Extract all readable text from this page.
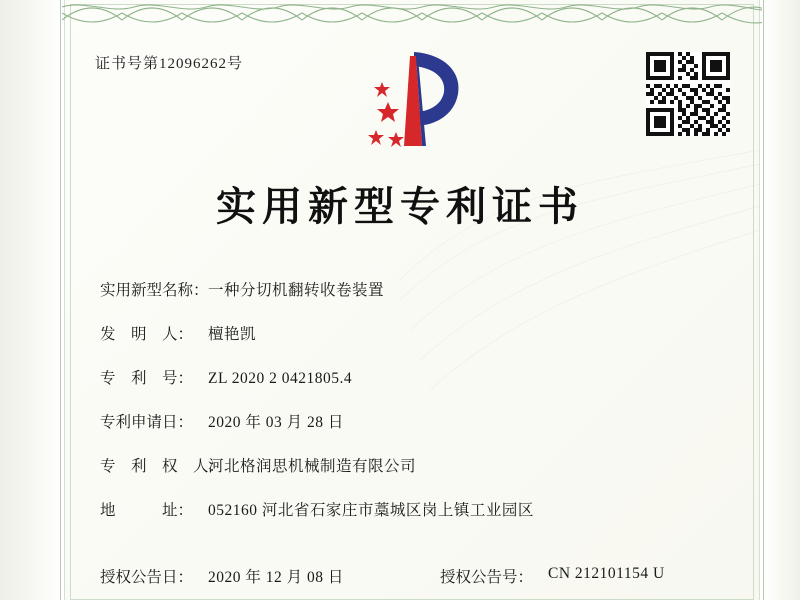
证书号第12096262号
实用新型专利证书
实用新型名称： 一种分切机翻转收卷装置
发　明　人： 檀艳凯
专　利　号： ZL 2020 2 0421805.4
专利申请日： 2020 年 03 月 28 日
专　利　权　人：
河北格润思机械制造有限公司
地　　　址： 052160 河北省石家庄市藁城区岗上镇工业园区
授权公告日： 2020 年 12 月 08 日	授权公告号： CN 212101154 U
